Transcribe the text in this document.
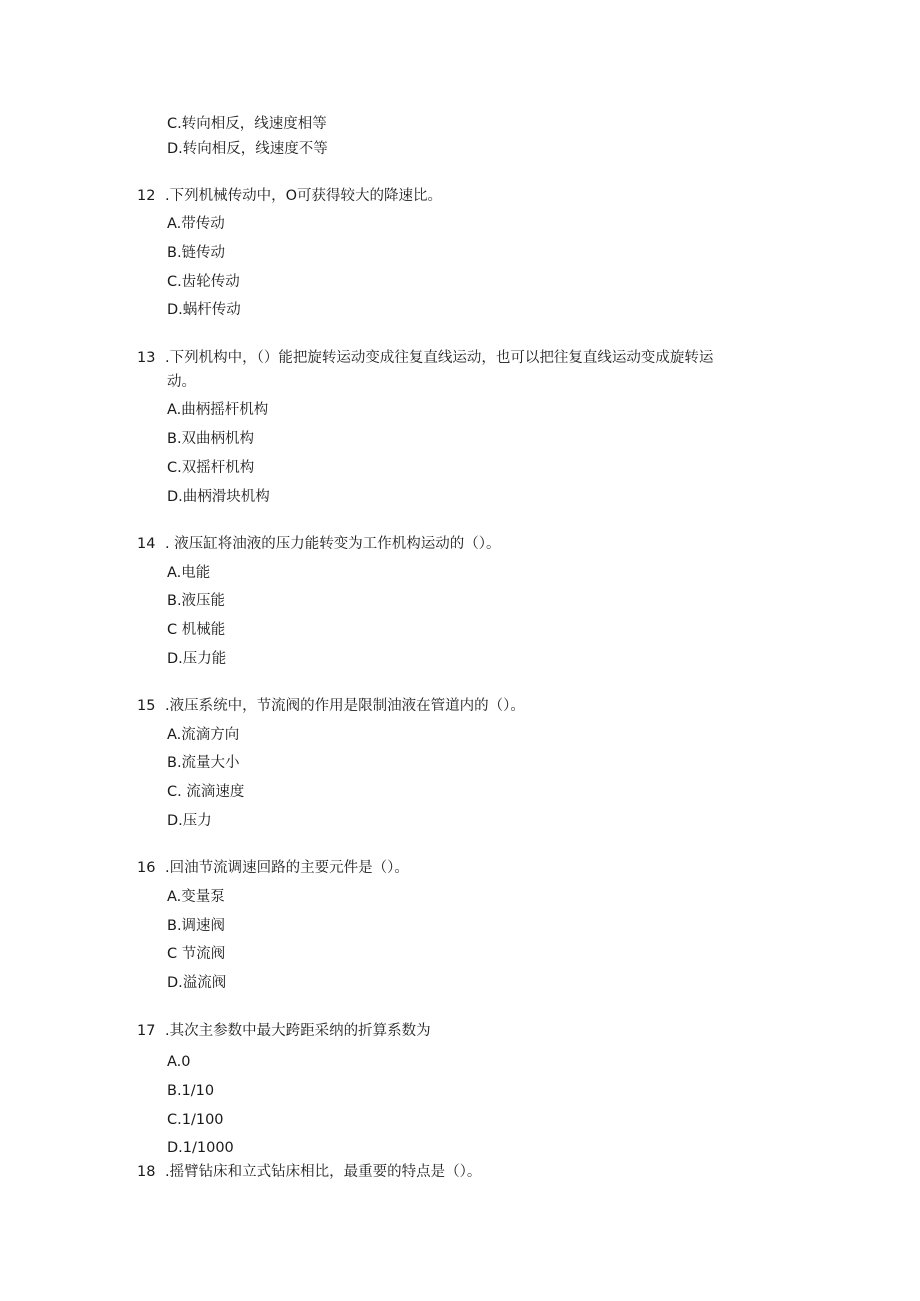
C.转向相反，线速度相等
D.转向相反，线速度不等
12 .下列机械传动中，O可获得较大的降速比。
A.带传动
B.链传动
C.齿轮传动
D.蜗杆传动
13 .下列机构中，（）能把旋转运动变成往复直线运动，也可以把往复直线运动变成旋转运
动。
A.曲柄摇杆机构
B.双曲柄机构
C.双摇杆机构
D.曲柄滑块机构
14 . 液压缸将油液的压力能转变为工作机构运动的（）。
A.电能
B.液压能
C 机械能
D.压力能
15 .液压系统中，节流阀的作用是限制油液在管道内的（）。
A.流滴方向
B.流量大小
C. 流滴速度
D.压力
16 .回油节流调速回路的主要元件是（）。
A.变量泵
B.调速阀
C 节流阀
D.溢流阀
17 .其次主参数中最大跨距采纳的折算系数为
A.0
B.1/10
C.1/100
D.1/1000
18 .摇臂钻床和立式钻床相比，最重要的特点是（）。
